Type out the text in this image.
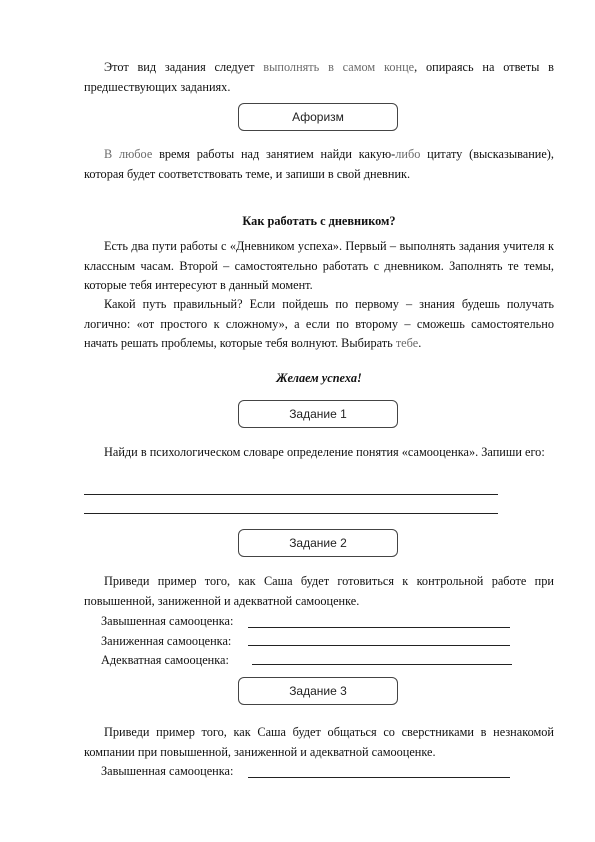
Этот вид задания следует выполнять в самом конце, опираясь на ответы в предшествующих заданиях.

Афоризм

В любое время работы над занятием найди какую-либо цитату (высказывание), которая будет соответствовать теме, и запиши в свой дневник.

Как работать с дневником?

Есть два пути работы с «Дневником успеха». Первый – выполнять задания учителя к классным часам. Второй – самостоятельно работать с дневником. Заполнять те темы, которые тебя интересуют в данный момент.

Какой путь правильный? Если пойдешь по первому – знания будешь получать логично: «от простого к сложному», а если по второму – сможешь самостоятельно начать решать проблемы, которые тебя волнуют. Выбирать тебе.

Желаем успеха!

Задание 1

Найди в психологическом словаре определение понятия «самооценка». Запиши его:

Задание 2

Приведи пример того, как Саша будет готовиться к контрольной работе при повышенной, заниженной и адекватной самооценке.

Завышенная самооценка:
Заниженная самооценка:
Адекватная самооценка:
Задание 3

Приведи пример того, как Саша будет общаться со сверстниками в незнакомой компании при повышенной, заниженной и адекватной самооценке.

Завышенная самооценка:
